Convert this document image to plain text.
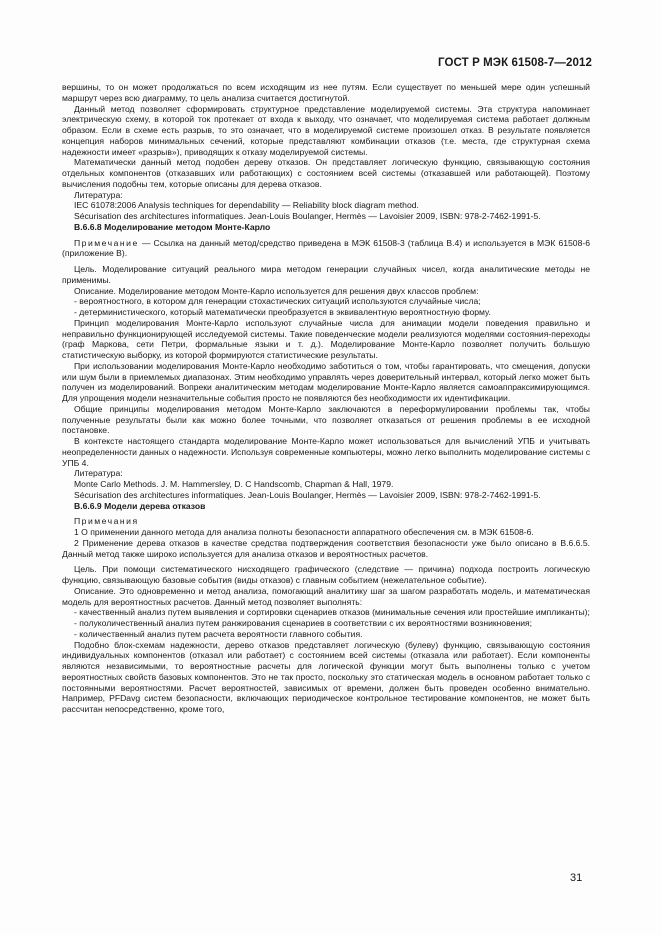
ГОСТ Р МЭК 61508-7—2012

вершины, то он может продолжаться по всем исходящим из нее путям. Если существует по меньшей мере один успешный маршрут через всю диаграмму, то цель анализа считается достигнутой.

Данный метод позволяет сформировать структурное представление моделируемой системы. Эта структура напоминает электрическую схему, в которой ток протекает от входа к выходу, что означает, что моделируемая система работает должным образом. Если в схеме есть разрыв, то это означает, что в моделируемой системе произошел отказ. В результате появляется концепция наборов минимальных сечений, которые представляют комбинации отказов (т.е. места, где структурная схема надежности имеет «разрыв»), приводящих к отказу моделируемой системы.

Математически данный метод подобен дереву отказов. Он представляет логическую функцию, связывающую состояния отдельных компонентов (отказавших или работающих) с состоянием всей системы (отказавшей или работающей). Поэтому вычисления подобны тем, которые описаны для дерева отказов.

Литература:

IEC 61078:2006 Analysis techniques for dependability — Reliability block diagram method.

Sécurisation des architectures informatiques. Jean-Louis Boulanger, Hermès — Lavoisier 2009, ISBN: 978-2-7462-1991-5.

В.6.6.8 Моделирование методом Монте-Карло

Примечание — Ссылка на данный метод/средство приведена в МЭК 61508-3 (таблица В.4) и используется в МЭК 61508-6 (приложение В).

Цель. Моделирование ситуаций реального мира методом генерации случайных чисел, когда аналитические методы не применимы.

Описание. Моделирование методом Монте-Карло используется для решения двух классов проблем:

- вероятностного, в котором для генерации стохастических ситуаций используются случайные числа;

- детерминистического, который математически преобразуется в эквивалентную вероятностную форму.

Принцип моделирования Монте-Карло используют случайные числа для анимации модели поведения правильно и неправильно функционирующей исследуемой системы. Такие поведенческие модели реализуются моделями состояния-переходы (граф Маркова, сети Петри, формальные языки и т. д.). Моделирование Монте-Карло позволяет получить большую статистическую выборку, из которой формируются статистические результаты.

При использовании моделирования Монте-Карло необходимо заботиться о том, чтобы гарантировать, что смещения, допуски или шум были в приемлемых диапазонах. Этим необходимо управлять через доверительный интервал, который легко может быть получен из моделирований. Вопреки аналитическим методам моделирование Монте-Карло является самоаппраксимирующимся. Для упрощения модели незначительные события просто не появляются без необходимости их идентификации.

Общие принципы моделирования методом Монте-Карло заключаются в переформулировании проблемы так, чтобы полученные результаты были как можно более точными, что позволяет отказаться от решения проблемы в ее исходной постановке.

В контексте настоящего стандарта моделирование Монте-Карло может использоваться для вычислений УПБ и учитывать неопределенности данных о надежности. Используя современные компьютеры, можно легко выполнить моделирование системы с УПБ 4.

Литература:

Monte Carlo Methods. J. M. Hammersley, D. C Handscomb, Chapman & Hall, 1979.

Sécurisation des architectures informatiques. Jean-Louis Boulanger, Hermès — Lavoisier 2009, ISBN: 978-2-7462-1991-5.

В.6.6.9 Модели дерева отказов

Примечания

1 О применении данного метода для анализа полноты безопасности аппаратного обеспечения см. в МЭК 61508-6.

2 Применение дерева отказов в качестве средства подтверждения соответствия безопасности уже было описано в В.6.6.5. Данный метод также широко используется для анализа отказов и вероятностных расчетов.

Цель. При помощи систематического нисходящего графического (следствие — причина) подхода построить логическую функцию, связывающую базовые события (виды отказов) с главным событием (нежелательное событие).

Описание. Это одновременно и метод анализа, помогающий аналитику шаг за шагом разработать модель, и математическая модель для вероятностных расчетов. Данный метод позволяет выполнять:

- качественный анализ путем выявления и сортировки сценариев отказов (минимальные сечения или простейшие импликанты);

- полуколичественный анализ путем ранжирования сценариев в соответствии с их вероятностями возникновения;

- количественный анализ путем расчета вероятности главного события.

Подобно блок-схемам надежности, дерево отказов представляет логическую (булеву) функцию, связывающую состояния индивидуальных компонентов (отказал или работает) с состоянием всей системы (отказала или работает). Если компоненты являются независимыми, то вероятностные расчеты для логической функции могут быть выполнены только с учетом вероятностных свойств базовых компонентов. Это не так просто, поскольку это статическая модель в основном работает только с постоянными вероятностями. Расчет вероятностей, зависимых от времени, должен быть проведен особенно внимательно. Например, PFDavg систем безопасности, включающих периодическое контрольное тестирование компонентов, не может быть рассчитан непосредственно, кроме того,

31
